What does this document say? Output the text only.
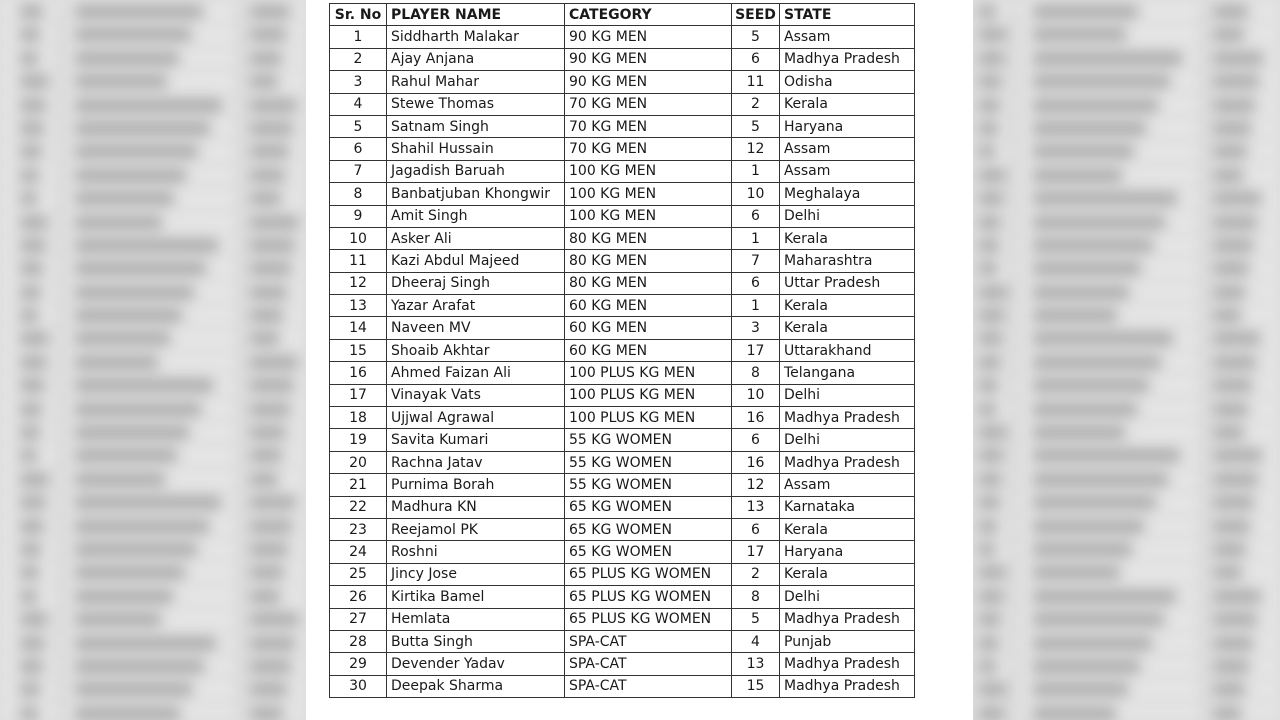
Sr. No	PLAYER NAME	CATEGORY	SEED	STATE
1	Siddharth Malakar	90 KG MEN	5	Assam
2	Ajay Anjana	90 KG MEN	6	Madhya Pradesh
3	Rahul Mahar	90 KG MEN	11	Odisha
4	Stewe Thomas	70 KG MEN	2	Kerala
5	Satnam Singh	70 KG MEN	5	Haryana
6	Shahil Hussain	70 KG MEN	12	Assam
7	Jagadish Baruah	100 KG MEN	1	Assam
8	Banbatjuban Khongwir	100 KG MEN	10	Meghalaya
9	Amit Singh	100 KG MEN	6	Delhi
10	Asker Ali	80 KG MEN	1	Kerala
11	Kazi Abdul Majeed	80 KG MEN	7	Maharashtra
12	Dheeraj Singh	80 KG MEN	6	Uttar Pradesh
13	Yazar Arafat	60 KG MEN	1	Kerala
14	Naveen MV	60 KG MEN	3	Kerala
15	Shoaib Akhtar	60 KG MEN	17	Uttarakhand
16	Ahmed Faizan Ali	100 PLUS KG MEN	8	Telangana
17	Vinayak Vats	100 PLUS KG MEN	10	Delhi
18	Ujjwal Agrawal	100 PLUS KG MEN	16	Madhya Pradesh
19	Savita Kumari	55 KG WOMEN	6	Delhi
20	Rachna Jatav	55 KG WOMEN	16	Madhya Pradesh
21	Purnima Borah	55 KG WOMEN	12	Assam
22	Madhura KN	65 KG WOMEN	13	Karnataka
23	Reejamol PK	65 KG WOMEN	6	Kerala
24	Roshni	65 KG WOMEN	17	Haryana
25	Jincy Jose	65 PLUS KG WOMEN	2	Kerala
26	Kirtika Bamel	65 PLUS KG WOMEN	8	Delhi
27	Hemlata	65 PLUS KG WOMEN	5	Madhya Pradesh
28	Butta Singh	SPA-CAT	4	Punjab
29	Devender Yadav	SPA-CAT	13	Madhya Pradesh
30	Deepak Sharma	SPA-CAT	15	Madhya Pradesh
